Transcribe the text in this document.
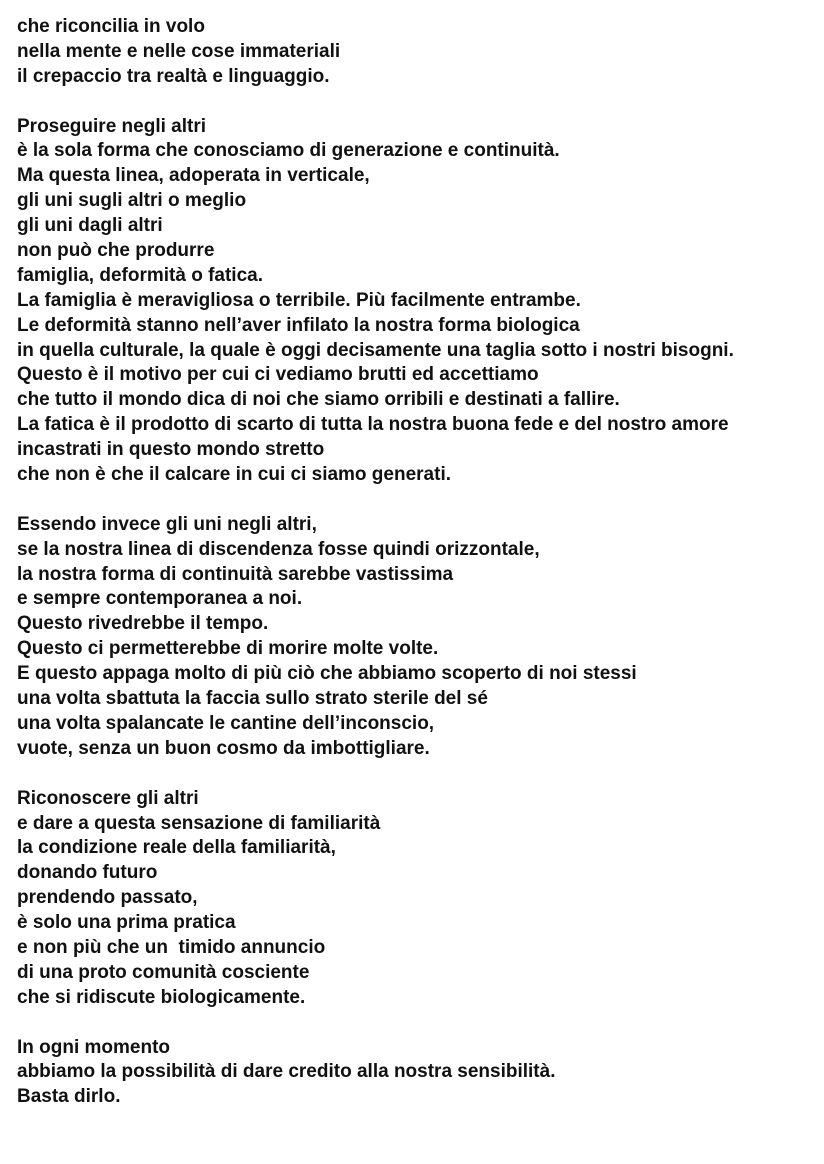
che riconcilia in volo
nella mente e nelle cose immateriali
il crepaccio tra realtà e linguaggio.
Proseguire negli altri
è la sola forma che conosciamo di generazione e continuità.
Ma questa linea, adoperata in verticale,
gli uni sugli altri o meglio
gli uni dagli altri
non può che produrre
famiglia, deformità o fatica.
La famiglia è meravigliosa o terribile. Più facilmente entrambe.
Le deformità stanno nell’aver infilato la nostra forma biologica
in quella culturale, la quale è oggi decisamente una taglia sotto i nostri bisogni.
Questo è il motivo per cui ci vediamo brutti ed accettiamo
che tutto il mondo dica di noi che siamo orribili e destinati a fallire.
La fatica è il prodotto di scarto di tutta la nostra buona fede e del nostro amore
incastrati in questo mondo stretto
che non è che il calcare in cui ci siamo generati.
Essendo invece gli uni negli altri,
se la nostra linea di discendenza fosse quindi orizzontale,
la nostra forma di continuità sarebbe vastissima
e sempre contemporanea a noi.
Questo rivedrebbe il tempo.
Questo ci permetterebbe di morire molte volte.
E questo appaga molto di più ciò che abbiamo scoperto di noi stessi
una volta sbattuta la faccia sullo strato sterile del sé
una volta spalancate le cantine dell’inconscio,
vuote, senza un buon cosmo da imbottigliare.
Riconoscere gli altri
e dare a questa sensazione di familiarità
la condizione reale della familiarità,
donando futuro
prendendo passato,
è solo una prima pratica
e non più che un  timido annuncio
di una proto comunità cosciente
che si ridiscute biologicamente.
In ogni momento
abbiamo la possibilità di dare credito alla nostra sensibilità.
Basta dirlo.
